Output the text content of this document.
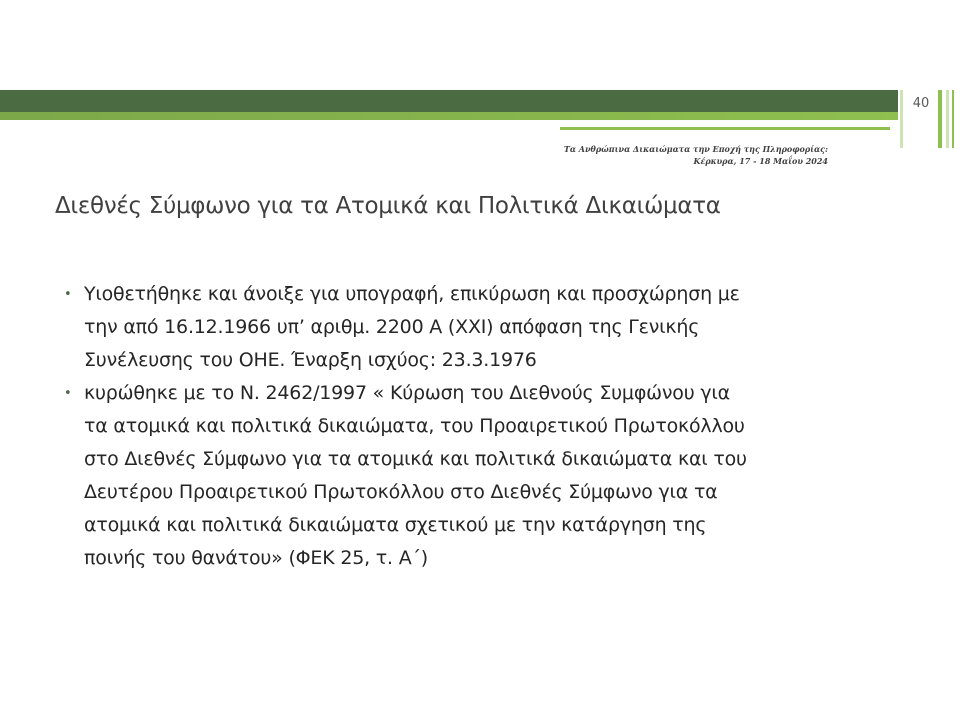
40
Τα Ανθρώπινα Δικαιώματα την Εποχή της Πληροφορίας:
Κέρκυρα, 17 - 18 Μαΐου 2024
Διεθνές Σύμφωνο για τα Ατομικά και Πολιτικά Δικαιώματα
• Υιοθετήθηκε και άνοιξε για υπογραφή, επικύρωση και προσχώρηση με
την από 16.12.1966 υπ’ αριθμ. 2200 Α (XXI) απόφαση της Γενικής
Συνέλευσης του ΟΗΕ. Έναρξη ισχύος: 23.3.1976
• κυρώθηκε με το Ν. 2462/1997 « Κύρωση του Διεθνούς Συμφώνου για
τα ατομικά και πολιτικά δικαιώματα, του Προαιρετικού Πρωτοκόλλου
στο Διεθνές Σύμφωνο για τα ατομικά και πολιτικά δικαιώματα και του
Δευτέρου Προαιρετικού Πρωτοκόλλου στο Διεθνές Σύμφωνο για τα
ατομικά και πολιτικά δικαιώματα σχετικού με την κατάργηση της
ποινής του θανάτου» (ΦΕΚ 25, τ. Α΄)
